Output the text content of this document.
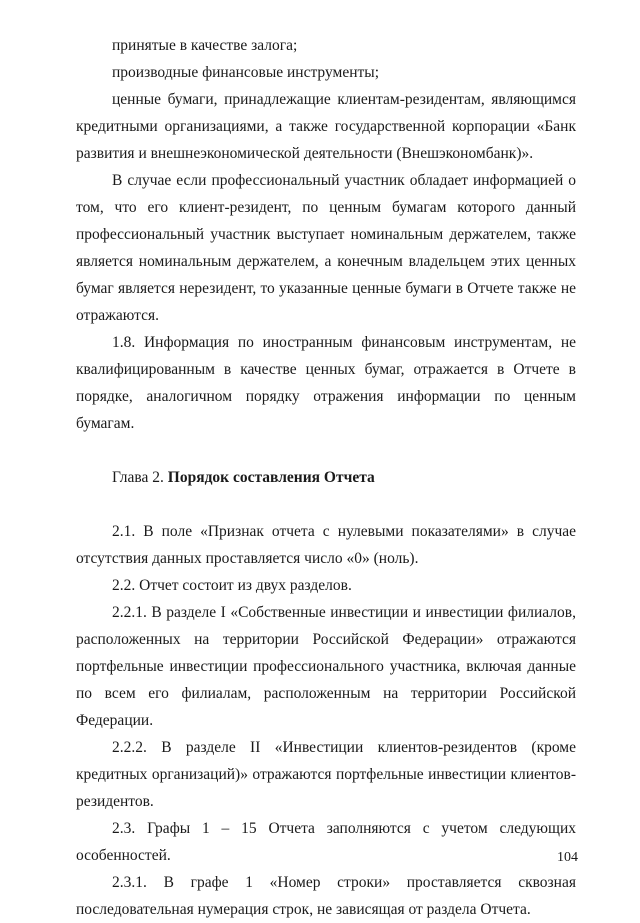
принятые в качестве залога;

производные финансовые инструменты;

ценные бумаги, принадлежащие клиентам-резидентам, являющимся кредитными организациями, а также государственной корпорации «Банк развития и внешнеэкономической деятельности (Внешэкономбанк)».

В случае если профессиональный участник обладает информацией о том, что его клиент-резидент, по ценным бумагам которого данный профессиональный участник выступает номинальным держателем, также является номинальным держателем, а конечным владельцем этих ценных бумаг является нерезидент, то указанные ценные бумаги в Отчете также не отражаются.

1.8. Информация по иностранным финансовым инструментам, не квалифицированным в качестве ценных бумаг, отражается в Отчете в порядке, аналогичном порядку отражения информации по ценным бумагам.

Глава 2. Порядок составления Отчета

2.1. В поле «Признак отчета с нулевыми показателями» в случае отсутствия данных проставляется число «0» (ноль).

2.2. Отчет состоит из двух разделов.

2.2.1. В разделе I «Собственные инвестиции и инвестиции филиалов, расположенных на территории Российской Федерации» отражаются портфельные инвестиции профессионального участника, включая данные по всем его филиалам, расположенным на территории Российской Федерации.

2.2.2. В разделе II «Инвестиции клиентов-резидентов (кроме кредитных организаций)» отражаются портфельные инвестиции клиентов-резидентов.

2.3. Графы 1 – 15 Отчета заполняются с учетом следующих особенностей.

2.3.1. В графе 1 «Номер строки» проставляется сквозная последовательная нумерация строк, не зависящая от раздела Отчета.

104
